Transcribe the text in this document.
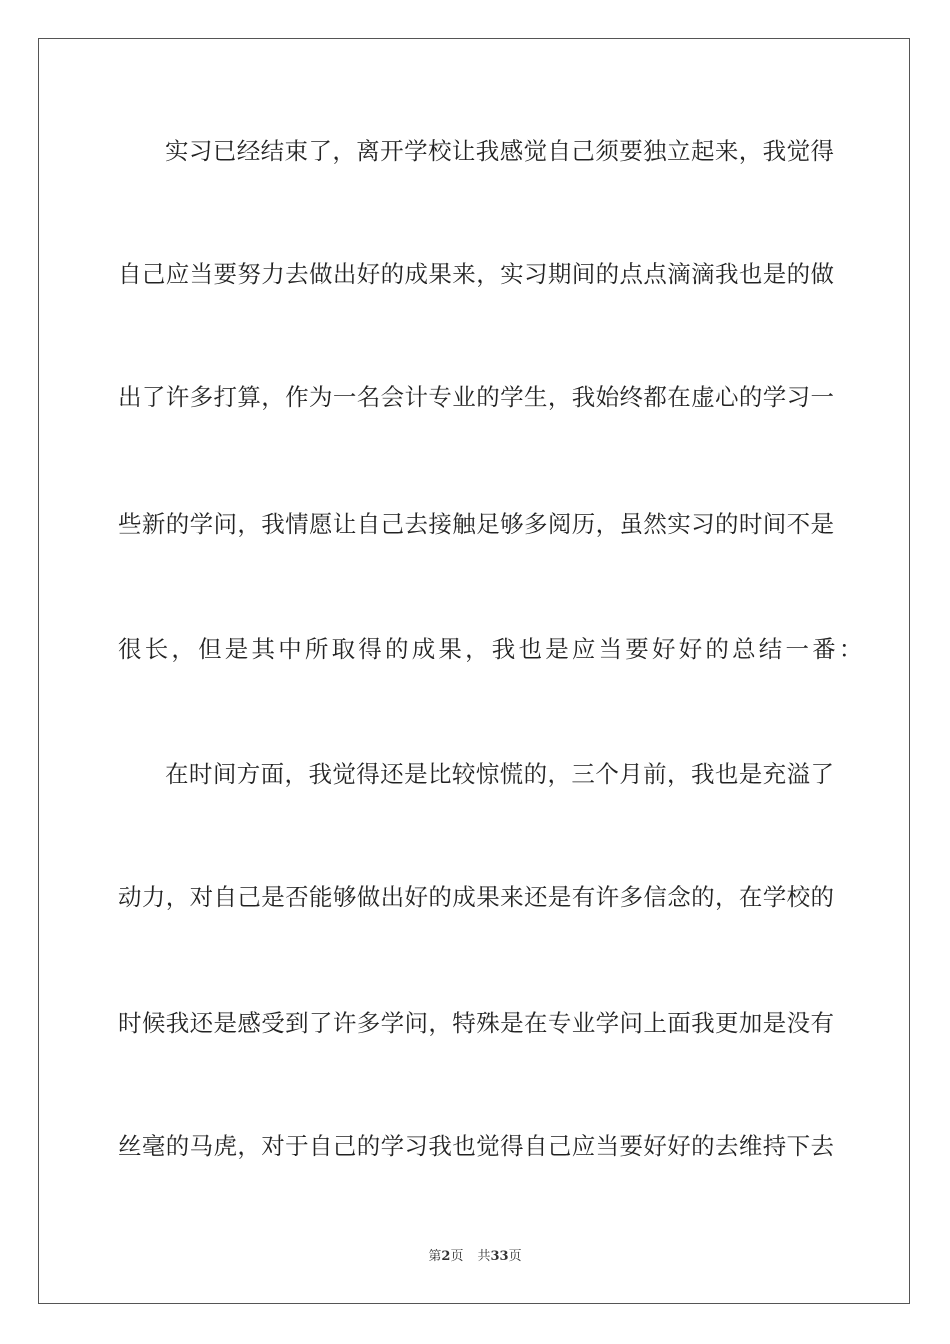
实习已经结束了，离开学校让我感觉自己须要独立起来，我觉得
自己应当要努力去做出好的成果来，实习期间的点点滴滴我也是的做
出了许多打算，作为一名会计专业的学生，我始终都在虚心的学习一
些新的学问，我情愿让自己去接触足够多阅历，虽然实习的时间不是
很长，但是其中所取得的成果，我也是应当要好好的总结一番：
在时间方面，我觉得还是比较惊慌的，三个月前，我也是充溢了
动力，对自己是否能够做出好的成果来还是有许多信念的，在学校的
时候我还是感受到了许多学问，特殊是在专业学问上面我更加是没有
丝毫的马虎，对于自己的学习我也觉得自己应当要好好的去维持下去
第2页 共33页
